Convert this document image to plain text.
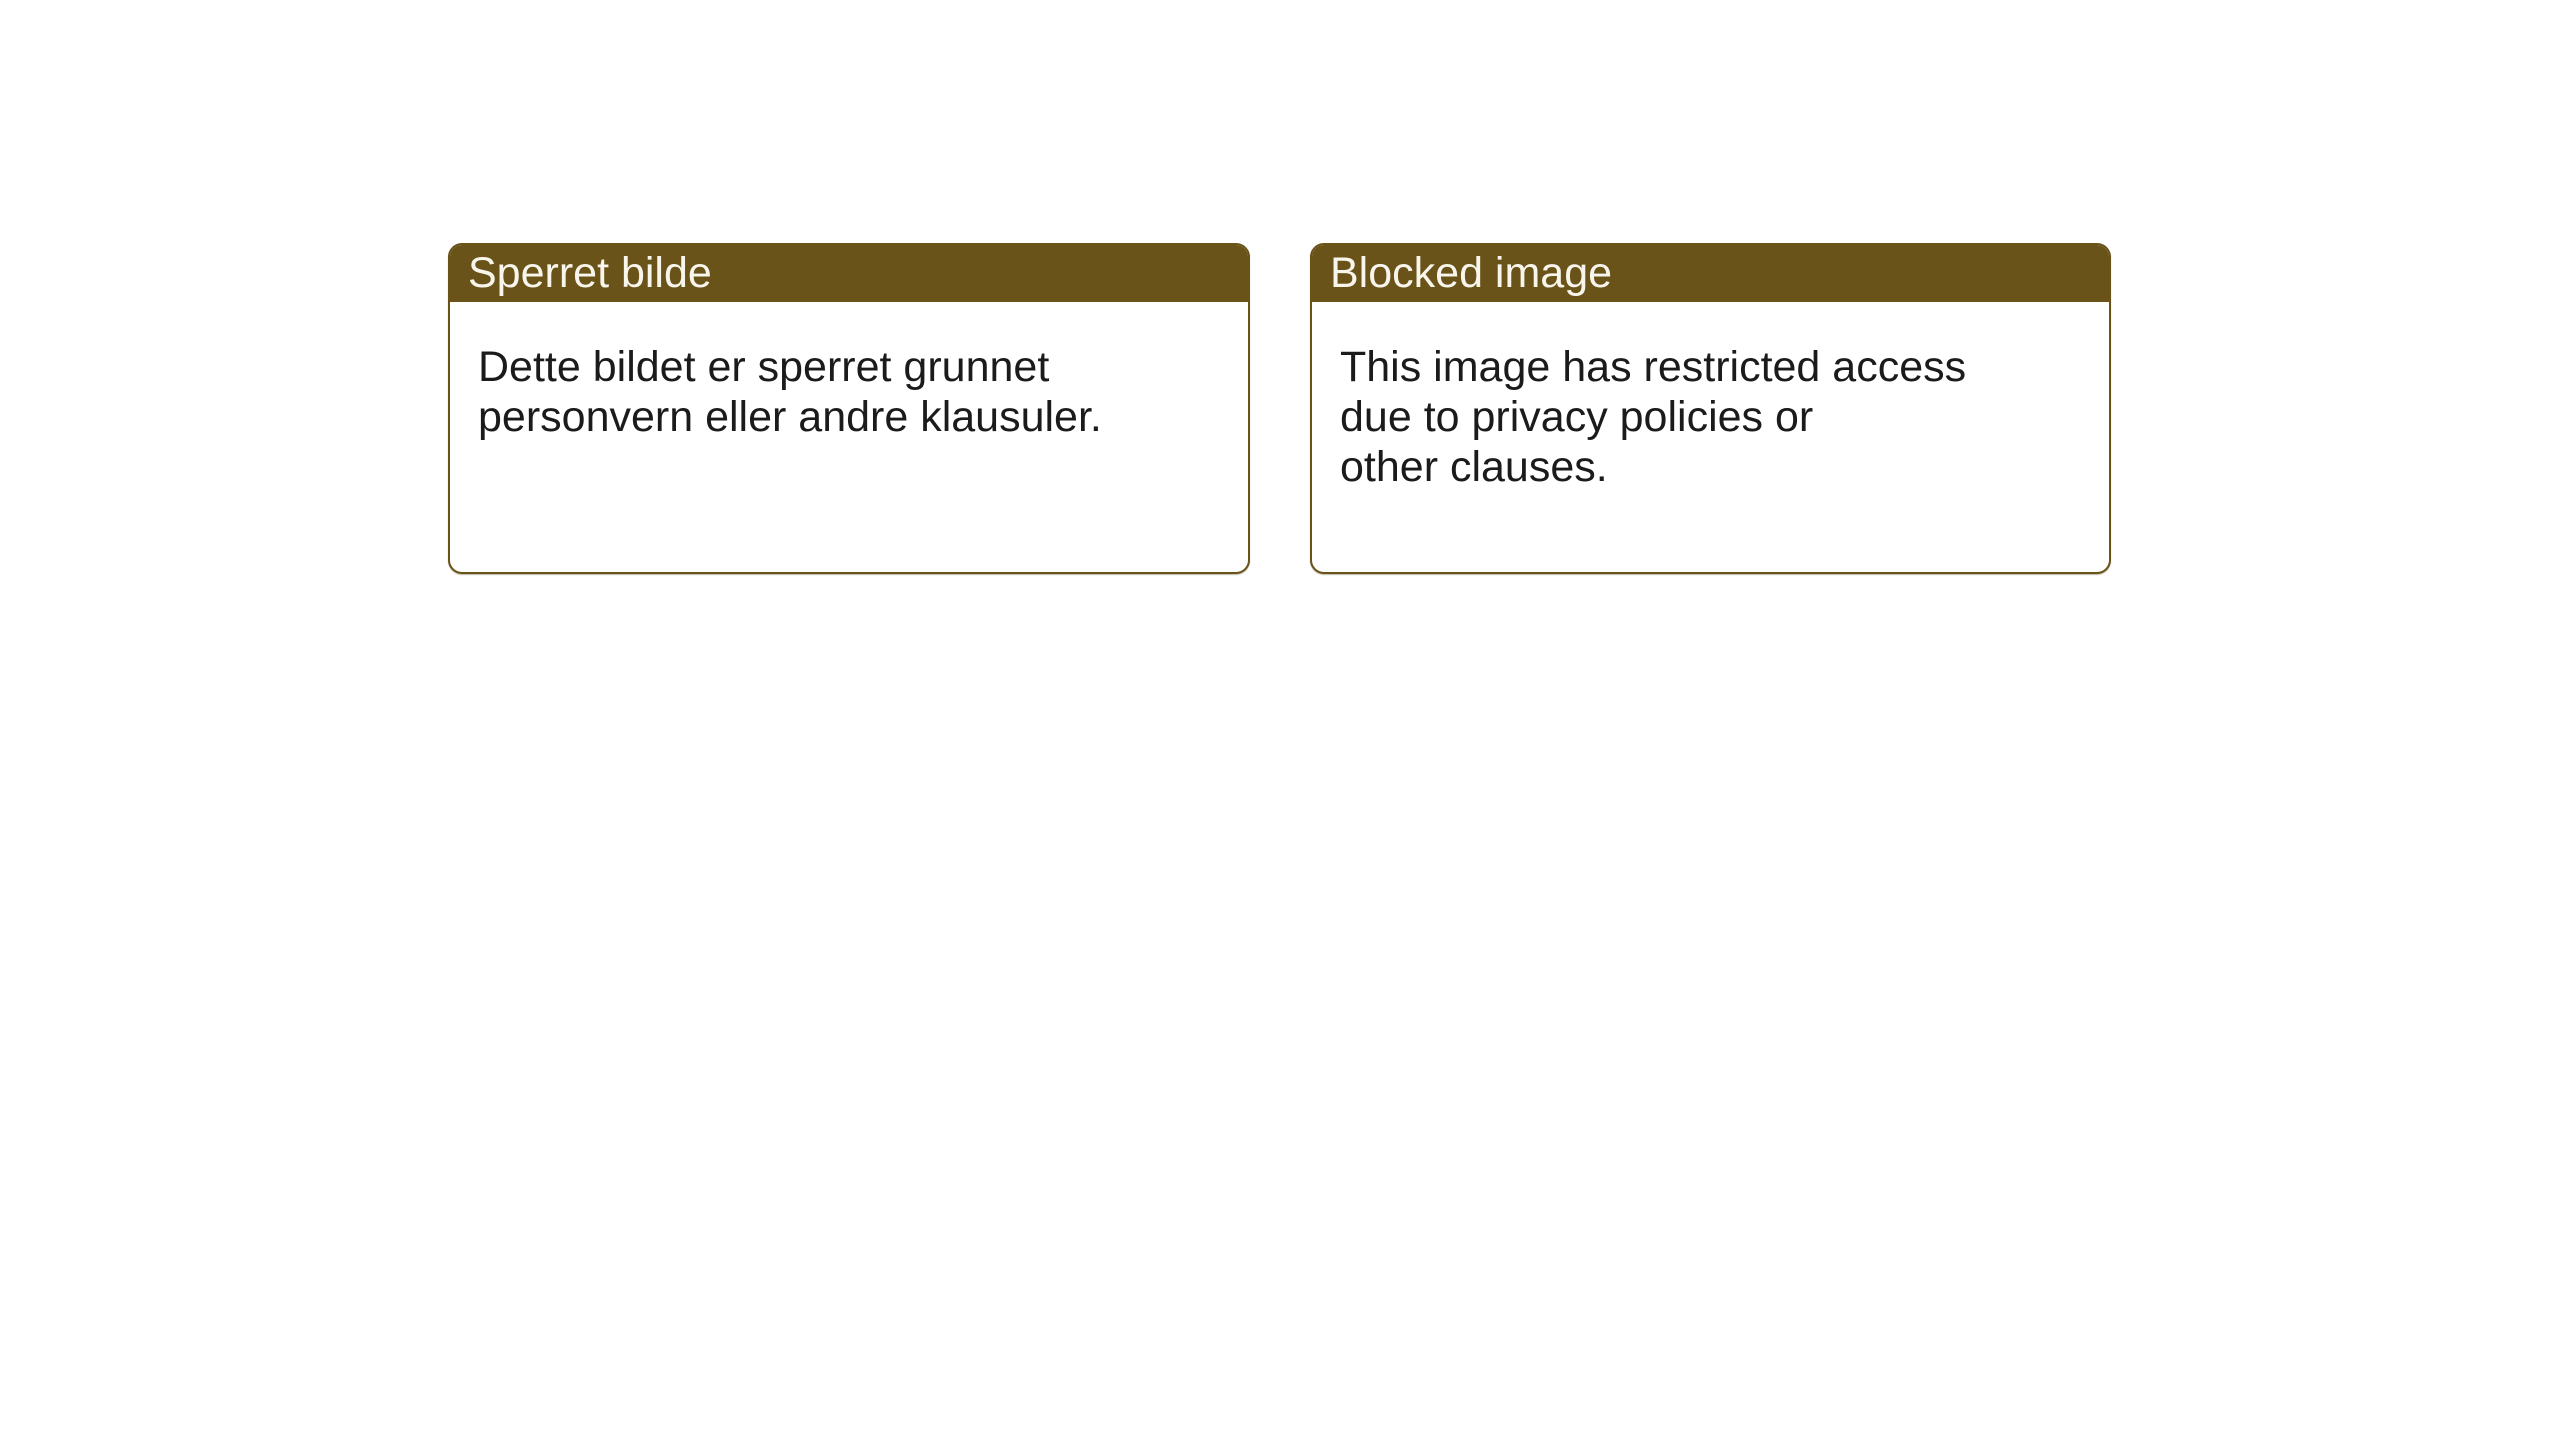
Sperret bilde

Dette bildet er sperret grunnet

personvern eller andre klausuler.

Blocked image

This image has restricted access

due to privacy policies or

other clauses.
